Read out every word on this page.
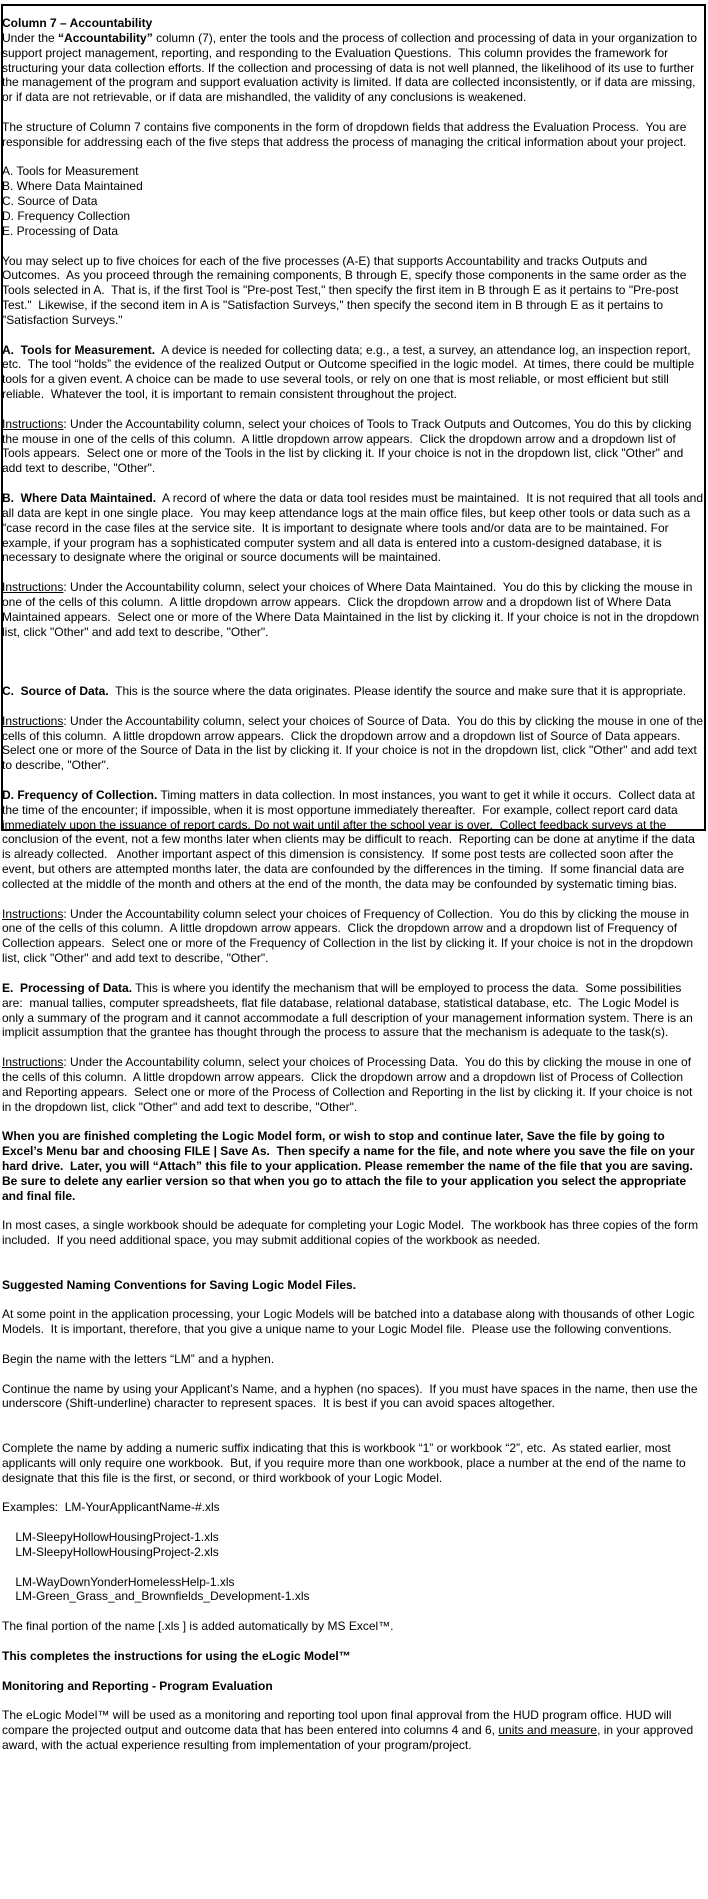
Column 7 – Accountability
Under the “Accountability” column (7), enter the tools and the process of collection and processing of data in your organization to support project management, reporting, and responding to the Evaluation Questions.  This column provides the framework for structuring your data collection efforts. If the collection and processing of data is not well planned, the likelihood of its use to further the management of the program and support evaluation activity is limited. If data are collected inconsistently, or if data are missing, or if data are not retrievable, or if data are mishandled, the validity of any conclusions is weakened.

The structure of Column 7 contains five components in the form of dropdown fields that address the Evaluation Process.  You are responsible for addressing each of the five steps that address the process of managing the critical information about your project.

A. Tools for Measurement
B. Where Data Maintained
C. Source of Data
D. Frequency Collection
E. Processing of Data

You may select up to five choices for each of the five processes (A-E) that supports Accountability and tracks Outputs and Outcomes.  As you proceed through the remaining components, B through E, specify those components in the same order as the Tools selected in A.  That is, if the first Tool is "Pre-post Test," then specify the first item in B through E as it pertains to "Pre-post Test."  Likewise, if the second item in A is "Satisfaction Surveys," then specify the second item in B through E as it pertains to "Satisfaction Surveys."

A.  Tools for Measurement.  A device is needed for collecting data; e.g., a test, a survey, an attendance log, an inspection report, etc.  The tool “holds” the evidence of the realized Output or Outcome specified in the logic model.  At times, there could be multiple tools for a given event. A choice can be made to use several tools, or rely on one that is most reliable, or most efficient but still reliable.  Whatever the tool, it is important to remain consistent throughout the project.

Instructions: Under the Accountability column, select your choices of Tools to Track Outputs and Outcomes, You do this by clicking the mouse in one of the cells of this column.  A little dropdown arrow appears.  Click the dropdown arrow and a dropdown list of Tools appears.  Select one or more of the Tools in the list by clicking it. If your choice is not in the dropdown list, click "Other" and add text to describe, "Other".

B.  Where Data Maintained.  A record of where the data or data tool resides must be maintained.  It is not required that all tools and all data are kept in one single place.  You may keep attendance logs at the main office files, but keep other tools or data such as a "case record in the case files at the service site.  It is important to designate where tools and/or data are to be maintained. For example, if your program has a sophisticated computer system and all data is entered into a custom-designed database, it is necessary to designate where the original or source documents will be maintained.

Instructions: Under the Accountability column, select your choices of Where Data Maintained.  You do this by clicking the mouse in one of the cells of this column.  A little dropdown arrow appears.  Click the dropdown arrow and a dropdown list of Where Data Maintained appears.  Select one or more of the Where Data Maintained in the list by clicking it. If your choice is not in the dropdown list, click "Other" and add text to describe, "Other".

C.  Source of Data.  This is the source where the data originates. Please identify the source and make sure that it is appropriate.

Instructions: Under the Accountability column, select your choices of Source of Data.  You do this by clicking the mouse in one of the cells of this column.  A little dropdown arrow appears.  Click the dropdown arrow and a dropdown list of Source of Data appears.  Select one or more of the Source of Data in the list by clicking it. If your choice is not in the dropdown list, click "Other" and add text to describe, "Other".

D. Frequency of Collection. Timing matters in data collection. In most instances, you want to get it while it occurs.  Collect data at the time of the encounter; if impossible, when it is most opportune immediately thereafter.  For example, collect report card data immediately upon the issuance of report cards. Do not wait until after the school year is over.  Collect feedback surveys at the conclusion of the event, not a few months later when clients may be difficult to reach.  Reporting can be done at anytime if the data is already collected.   Another important aspect of this dimension is consistency.  If some post tests are collected soon after the event, but others are attempted months later, the data are confounded by the differences in the timing.  If some financial data are collected at the middle of the month and others at the end of the month, the data may be confounded by systematic timing bias.

Instructions: Under the Accountability column select your choices of Frequency of Collection.  You do this by clicking the mouse in one of the cells of this column.  A little dropdown arrow appears.  Click the dropdown arrow and a dropdown list of Frequency of Collection appears.  Select one or more of the Frequency of Collection in the list by clicking it. If your choice is not in the dropdown list, click "Other" and add text to describe, "Other".

E.  Processing of Data. This is where you identify the mechanism that will be employed to process the data.  Some possibilities are:  manual tallies, computer spreadsheets, flat file database, relational database, statistical database, etc.  The Logic Model is only a summary of the program and it cannot accommodate a full description of your management information system. There is an implicit assumption that the grantee has thought through the process to assure that the mechanism is adequate to the task(s).

Instructions: Under the Accountability column, select your choices of Processing Data.  You do this by clicking the mouse in one of the cells of this column.  A little dropdown arrow appears.  Click the dropdown arrow and a dropdown list of Process of Collection and Reporting appears.  Select one or more of the Process of Collection and Reporting in the list by clicking it. If your choice is not in the dropdown list, click "Other" and add text to describe, "Other".

When you are finished completing the Logic Model form, or wish to stop and continue later, Save the file by going to Excel’s Menu bar and choosing FILE | Save As.  Then specify a name for the file, and note where you save the file on your hard drive.  Later, you will “Attach” this file to your application. Please remember the name of the file that you are saving.  Be sure to delete any earlier version so that when you go to attach the file to your application you select the appropriate and final file.

In most cases, a single workbook should be adequate for completing your Logic Model.  The workbook has three copies of the form included.  If you need additional space, you may submit additional copies of the workbook as needed.

Suggested Naming Conventions for Saving Logic Model Files.

At some point in the application processing, your Logic Models will be batched into a database along with thousands of other Logic Models.  It is important, therefore, that you give a unique name to your Logic Model file.  Please use the following conventions.

Begin the name with the letters “LM” and a hyphen.

Continue the name by using your Applicant’s Name, and a hyphen (no spaces).  If you must have spaces in the name, then use the underscore (Shift-underline) character to represent spaces.  It is best if you can avoid spaces altogether.

Complete the name by adding a numeric suffix indicating that this is workbook “1” or workbook “2”, etc.  As stated earlier, most applicants will only require one workbook.  But, if you require more than one workbook, place a number at the end of the name to designate that this file is the first, or second, or third workbook of your Logic Model.

Examples:  LM-YourApplicantName-#.xls

LM-SleepyHollowHousingProject-1.xls
LM-SleepyHollowHousingProject-2.xls

LM-WayDownYonderHomelessHelp-1.xls
LM-Green_Grass_and_Brownfields_Development-1.xls

The final portion of the name [.xls ] is added automatically by MS Excel™.

This completes the instructions for using the eLogic Model™

Monitoring and Reporting - Program Evaluation

The eLogic Model™ will be used as a monitoring and reporting tool upon final approval from the HUD program office. HUD will compare the projected output and outcome data that has been entered into columns 4 and 6, units and measure, in your approved award, with the actual experience resulting from implementation of your program/project.
